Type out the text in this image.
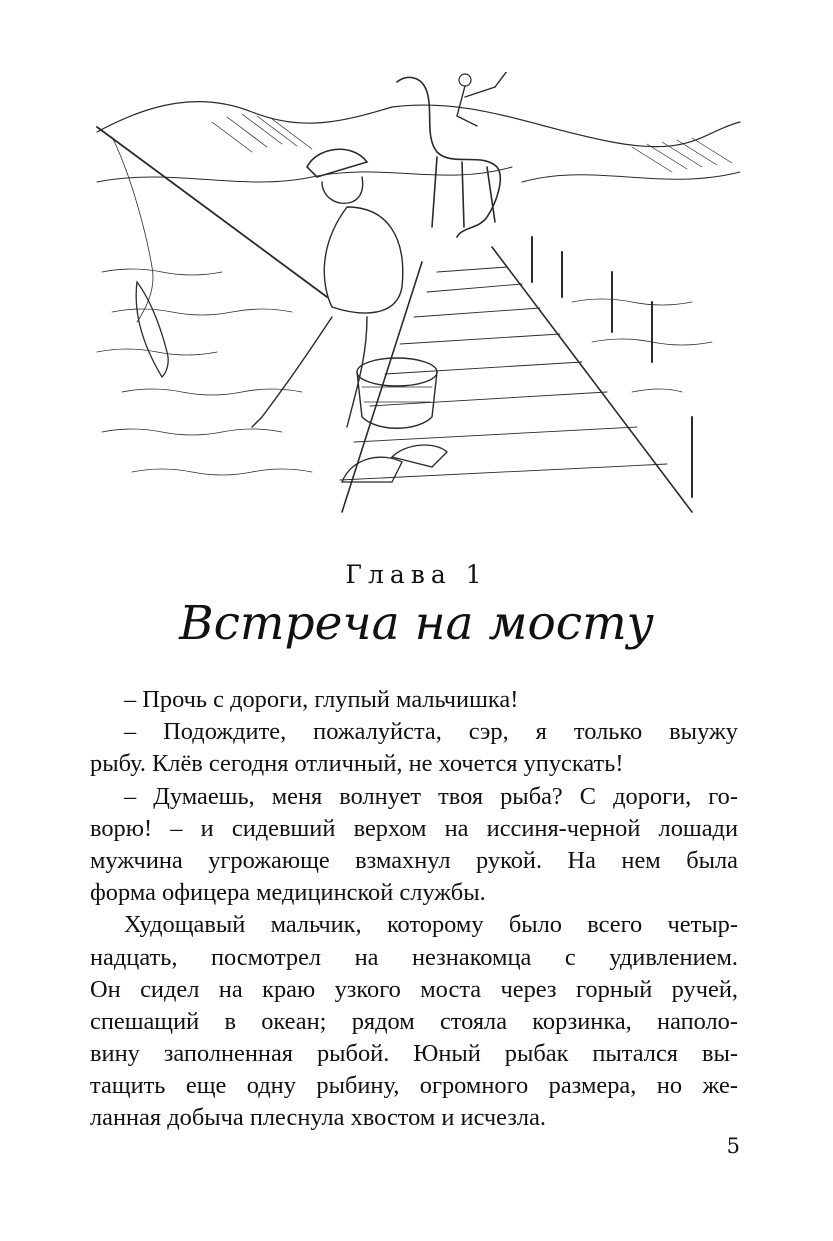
Глава 1
Встреча на мосту
– Прочь с дороги, глупый мальчишка!
– Подождите, пожалуйста, сэр, я только выужу
рыбу. Клёв сегодня отличный, не хочется упускать!
– Думаешь, меня волнует твоя рыба? С дороги, го-
ворю! – и сидевший верхом на иссиня-черной лошади
мужчина угрожающе взмахнул рукой. На нем была
форма офицера медицинской службы.
Худощавый мальчик, которому было всего четыр-
надцать, посмотрел на незнакомца с удивлением.
Он сидел на краю узкого моста через горный ручей,
спешащий в океан; рядом стояла корзинка, наполо-
вину заполненная рыбой. Юный рыбак пытался вы-
тащить еще одну рыбину, огромного размера, но же-
ланная добыча плеснула хвостом и исчезла.
5
